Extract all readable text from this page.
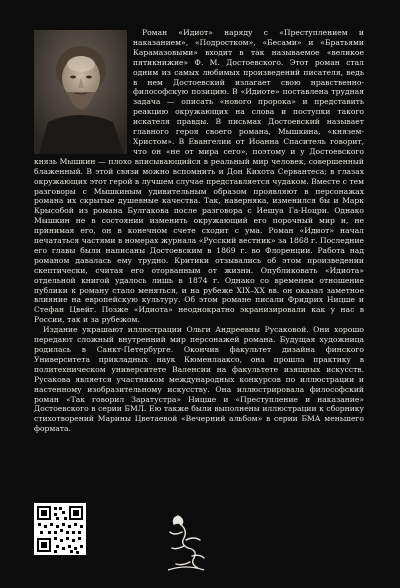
Роман «Идиот» наряду с «Преступлением и наказанием», «Подростком», «Бесами» и «Братьями Карамазовыми» входит в так называемое «великое пятикнижие» Ф. М. Достоевского. Этот роман стал одним из самых любимых произведений писателя, ведь в нем Достоевский излагает свою нравственно-философскую позицию. В «Идиоте» поставлена трудная задача — описать «нового пророка» и представить реакцию окружающих на слова и поступки такого искателя правды. В письмах Достоевский называет главного героя своего романа, Мышкина, «князем-Христом». В Евангелии от Иоанна Спаситель говорит, что он «не от мира сего», поэтому и у Достоевского князь Мышкин — плохо вписывающийся в реальный мир человек, совершенный блаженный. В этой связи можно вспомнить и Дон Кихота Сервантеса; в глазах окружающих этот герой в лучшем случае представляется чудаком. Вместе с тем разговоры с Мышкиным удивительным образом проявляют в персонажах романа их скрытые душевные качества. Так, наверняка, изменился бы и Марк Крысобой из романа Булгакова после разговора с Иешуа Га-Ноцри. Однако Мышкин не в состоянии изменить окружающий его порочный мир и, не принимая его, он в конечном счете сходит с ума. Роман «Идиот» начал печататься частями в номерах журнала «Русский вестник» за 1868 г. Последние его главы были написаны Достоевским в 1869 г. во Флоренции. Работа над романом давалась ему трудно. Критики отзывались об этом произведении скептически, считая его оторванным от жизни. Опубликовать «Идиота» отдельной книгой удалось лишь в 1874 г. Однако со временем отношение публики к роману стало меняться, и на рубеже XIX–XX вв. он оказал заметное влияние на европейскую культуру. Об этом романе писали Фридрих Ницше и Стефан Цвейг. Позже «Идиота» неоднократно экранизировали как у нас в России, так и за рубежом.

Издание украшают иллюстрации Ольги Андреевны Русаковой. Они хорошо передают сложный внутренний мир персонажей романа. Будущая художница родилась в Санкт-Петербурге. Окончив факультет дизайна финского Университета прикладных наук Кюменлааксо, она прошла практику в политехническом университете Валенсии на факультете изящных искусств. Русакова является участником международных конкурсов по иллюстрации и настенному изобразительному искусству. Она иллюстрировала философский роман «Так говорил Заратустра» Ницше и «Преступление и наказание» Достоевского в серии БМЛ. Ею также были выполнены иллюстрации к сборнику стихотворений Марины Цветаевой «Вечерний альбом» в серии БМА меньшего формата.
